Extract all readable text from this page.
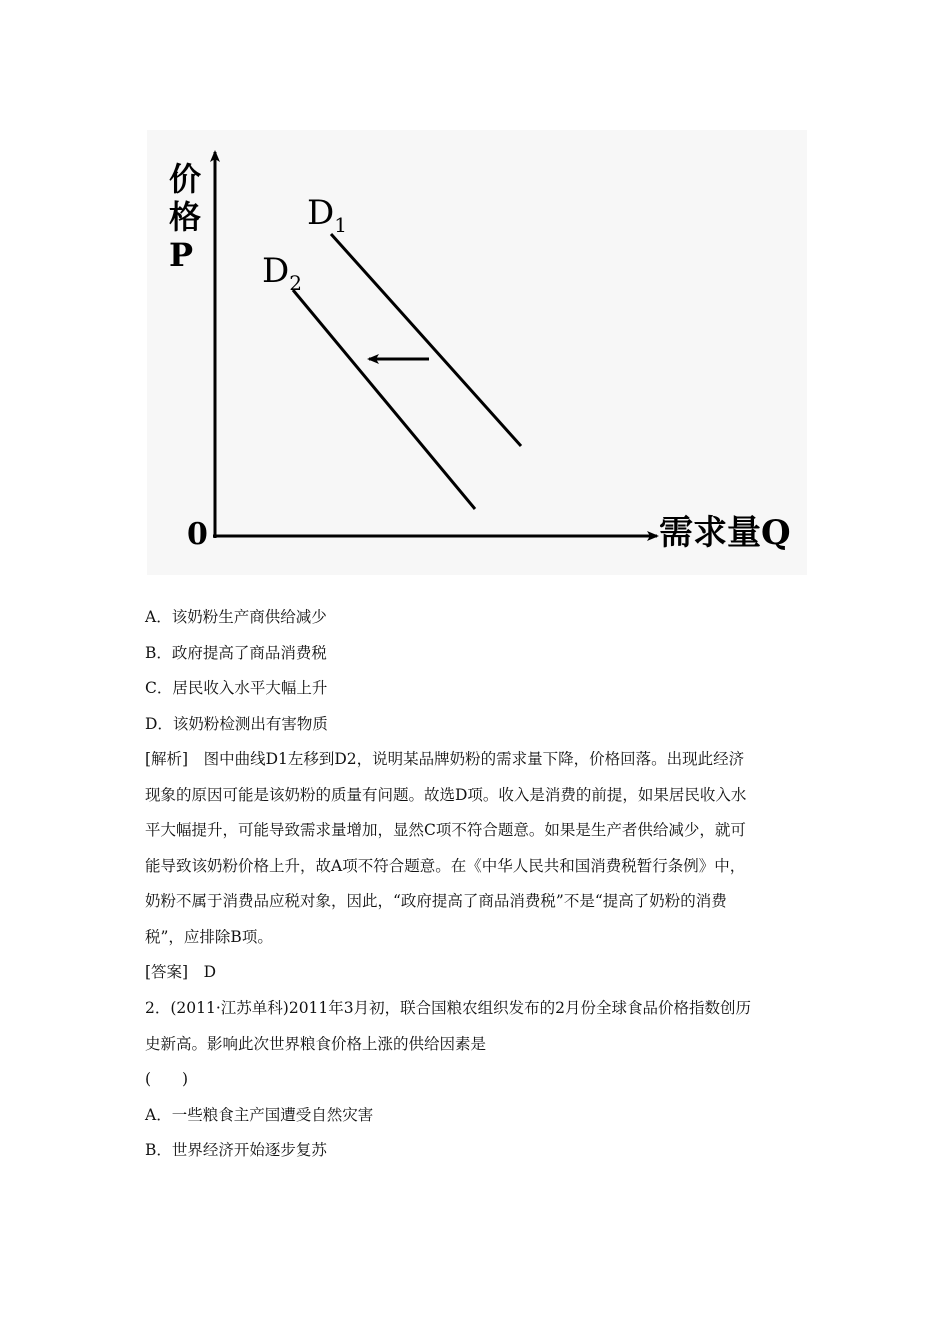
价
格
P
0	需求量Q
$D_1$
$D_2$
A．该奶粉生产商供给减少
B．政府提高了商品消费税
C．居民收入水平大幅上升
D．该奶粉检测出有害物质
[解析]　图中曲线D1左移到D2，说明某品牌奶粉的需求量下降，价格回落。出现此经济
现象的原因可能是该奶粉的质量有问题。故选D项。收入是消费的前提，如果居民收入水
平大幅提升，可能导致需求量增加，显然C项不符合题意。如果是生产者供给减少，就可
能导致该奶粉价格上升，故A项不符合题意。在《中华人民共和国消费税暂行条例》中，
奶粉不属于消费品应税对象，因此，“政府提高了商品消费税”不是“提高了奶粉的消费
税”，应排除B项。
[答案]　D
2．(2011·江苏单科)2011年3月初，联合国粮农组织发布的2月份全球食品价格指数创历
史新高。影响此次世界粮食价格上涨的供给因素是
(　　)
A．一些粮食主产国遭受自然灾害
B．世界经济开始逐步复苏
